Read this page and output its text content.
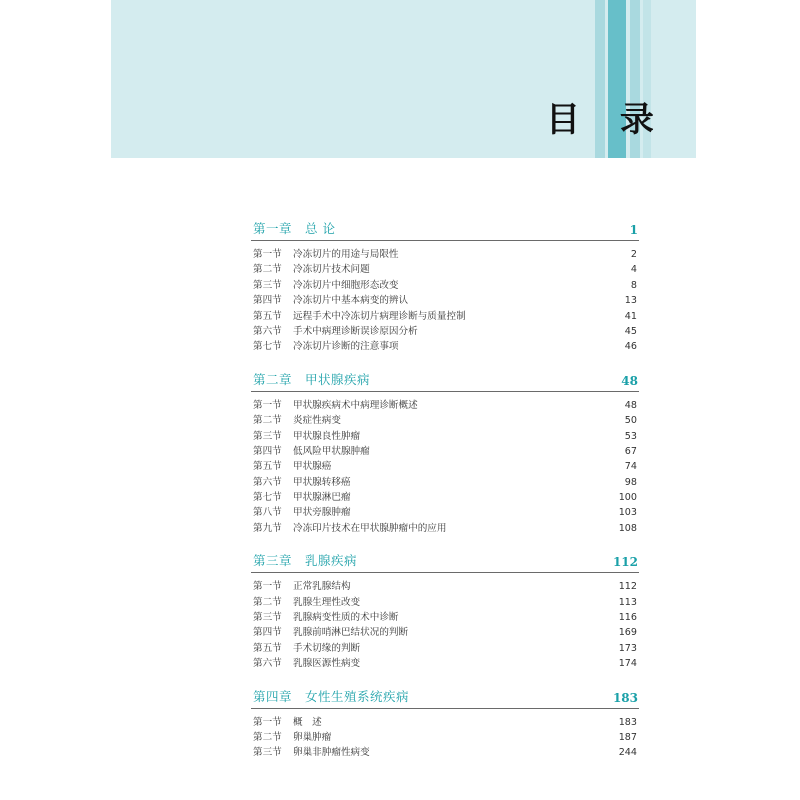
目 录
第一章　总 论	1
第一节 冷冻切片的用途与局限性	2
第二节 冷冻切片技术问题	4
第三节 冷冻切片中细胞形态改变	8
第四节 冷冻切片中基本病变的辨认	13
第五节 远程手术中冷冻切片病理诊断与质量控制	41
第六节 手术中病理诊断误诊原因分析	45
第七节 冷冻切片诊断的注意事项	46
第二章　甲状腺疾病	48
第一节 甲状腺疾病术中病理诊断概述	48
第二节 炎症性病变	50
第三节 甲状腺良性肿瘤	53
第四节 低风险甲状腺肿瘤	67
第五节 甲状腺癌	74
第六节 甲状腺转移癌	98
第七节 甲状腺淋巴瘤	100
第八节 甲状旁腺肿瘤	103
第九节 冷冻印片技术在甲状腺肿瘤中的应用	108
第三章　乳腺疾病	112
第一节 正常乳腺结构	112
第二节 乳腺生理性改变	113
第三节 乳腺病变性质的术中诊断	116
第四节 乳腺前哨淋巴结状况的判断	169
第五节 手术切缘的判断	173
第六节 乳腺医源性病变	174
第四章　女性生殖系统疾病	183
第一节 概　述	183
第二节 卵巢肿瘤	187
第三节 卵巢非肿瘤性病变	244
